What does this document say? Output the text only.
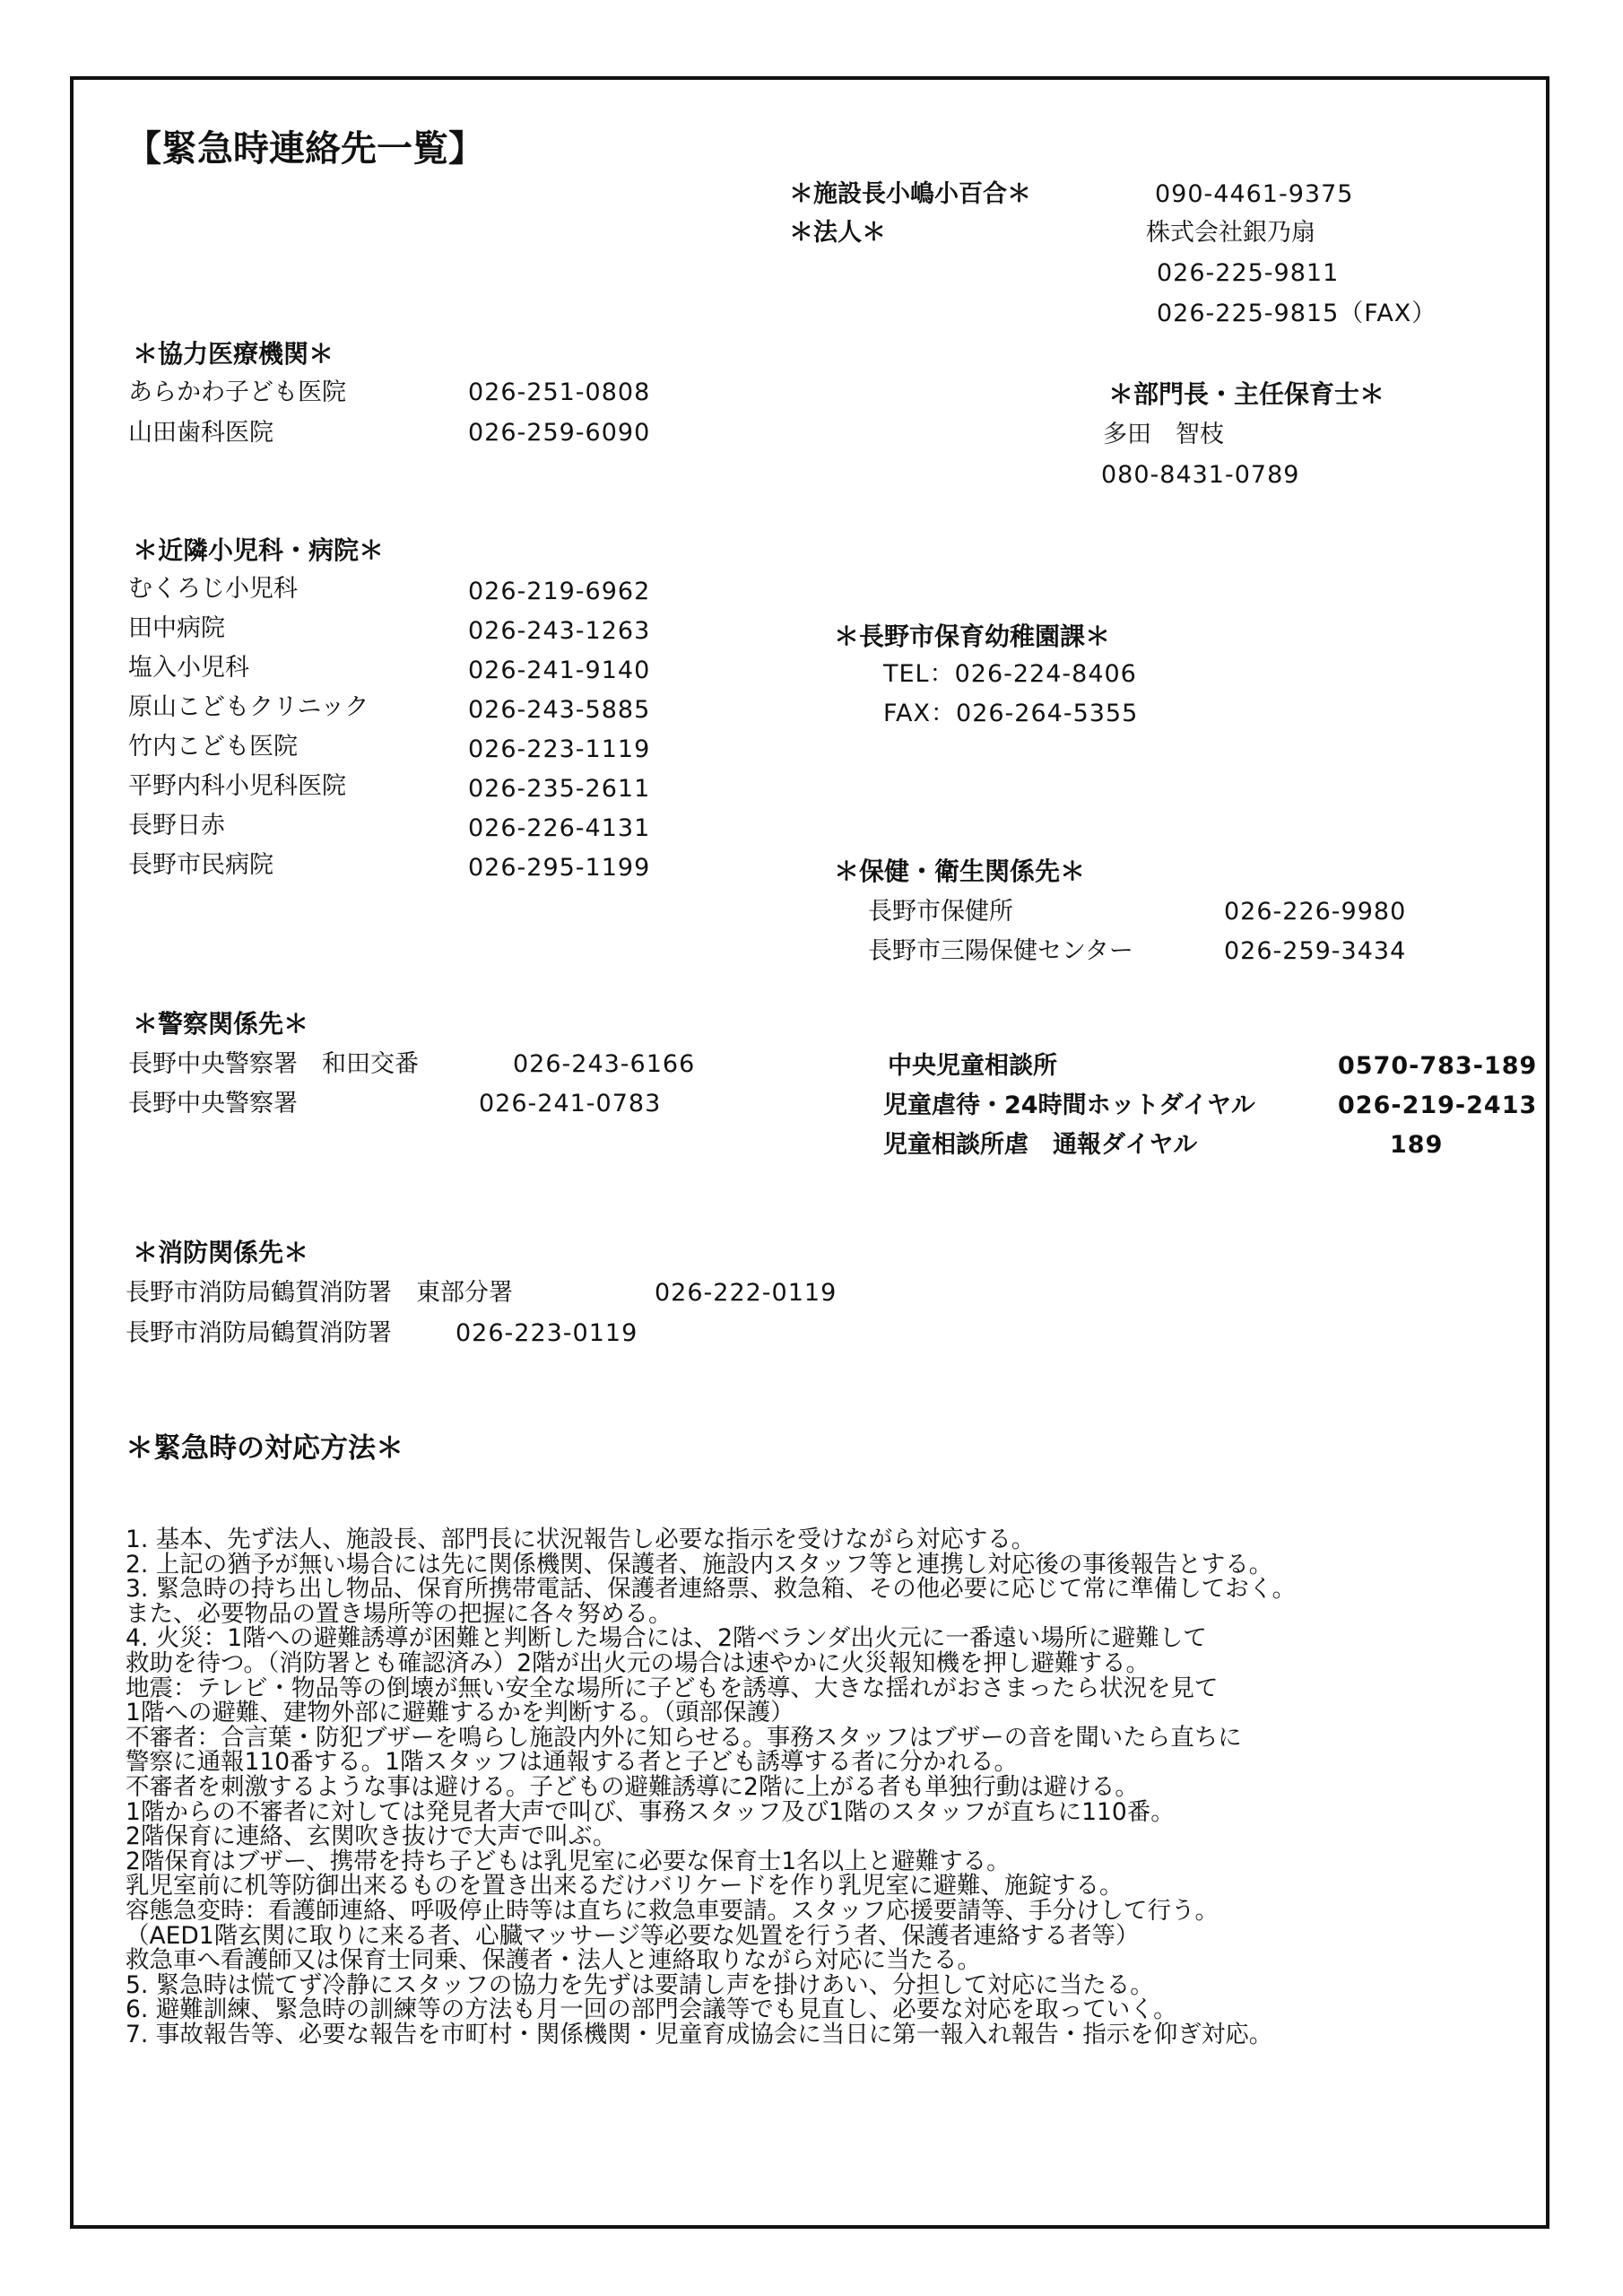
【緊急時連絡先一覧】
＊施設長小嶋小百合＊	090-4461-9375
＊法人＊	株式会社銀乃扇
026-225-9811
026-225-9815（FAX）
＊協力医療機関＊
あらかわ子ども医院	026-251-0808
山田歯科医院	026-259-6090
＊部門長・主任保育士＊
多田　智枝
080-8431-0789
＊近隣小児科・病院＊
むくろじ小児科	026-219-6962
田中病院	026-243-1263
塩入小児科	026-241-9140
原山こどもクリニック	026-243-5885
竹内こども医院	026-223-1119
平野内科小児科医院	026-235-2611
長野日赤	026-226-4131
長野市民病院	026-295-1199
＊長野市保育幼稚園課＊
TEL：026-224-8406
FAX：026-264-5355
＊保健・衛生関係先＊
長野市保健所	026-226-9980
長野市三陽保健センター	026-259-3434
＊警察関係先＊
長野中央警察署　和田交番	026-243-6166
長野中央警察署	026-241-0783
中央児童相談所	0570-783-189
児童虐待・24時間ホットダイヤル	026-219-2413
児童相談所虐　通報ダイヤル	189
＊消防関係先＊
長野市消防局鶴賀消防署　東部分署	026-222-0119
長野市消防局鶴賀消防署	026-223-0119
＊緊急時の対応方法＊
1. 基本、先ず法人、施設長、部門長に状況報告し必要な指示を受けながら対応する。
2. 上記の猶予が無い場合には先に関係機関、保護者、施設内スタッフ等と連携し対応後の事後報告とする。
3. 緊急時の持ち出し物品、保育所携帯電話、保護者連絡票、救急箱、その他必要に応じて常に準備しておく。
また、必要物品の置き場所等の把握に各々努める。
4. 火災：1階への避難誘導が困難と判断した場合には、2階ベランダ出火元に一番遠い場所に避難して
救助を待つ。（消防署とも確認済み）2階が出火元の場合は速やかに火災報知機を押し避難する。
地震：テレビ・物品等の倒壊が無い安全な場所に子どもを誘導、大きな揺れがおさまったら状況を見て
1階への避難、建物外部に避難するかを判断する。（頭部保護）
不審者：合言葉・防犯ブザーを鳴らし施設内外に知らせる。事務スタッフはブザーの音を聞いたら直ちに
警察に通報110番する。1階スタッフは通報する者と子ども誘導する者に分かれる。
不審者を刺激するような事は避ける。子どもの避難誘導に2階に上がる者も単独行動は避ける。
1階からの不審者に対しては発見者大声で叫び、事務スタッフ及び1階のスタッフが直ちに110番。
2階保育に連絡、玄関吹き抜けで大声で叫ぶ。
2階保育はブザー、携帯を持ち子どもは乳児室に必要な保育士1名以上と避難する。
乳児室前に机等防御出来るものを置き出来るだけバリケードを作り乳児室に避難、施錠する。
容態急変時：看護師連絡、呼吸停止時等は直ちに救急車要請。スタッフ応援要請等、手分けして行う。
（AED1階玄関に取りに来る者、心臓マッサージ等必要な処置を行う者、保護者連絡する者等）
救急車へ看護師又は保育士同乗、保護者・法人と連絡取りながら対応に当たる。
5. 緊急時は慌てず冷静にスタッフの協力を先ずは要請し声を掛けあい、分担して対応に当たる。
6. 避難訓練、緊急時の訓練等の方法も月一回の部門会議等でも見直し、必要な対応を取っていく。
7. 事故報告等、必要な報告を市町村・関係機関・児童育成協会に当日に第一報入れ報告・指示を仰ぎ対応。
